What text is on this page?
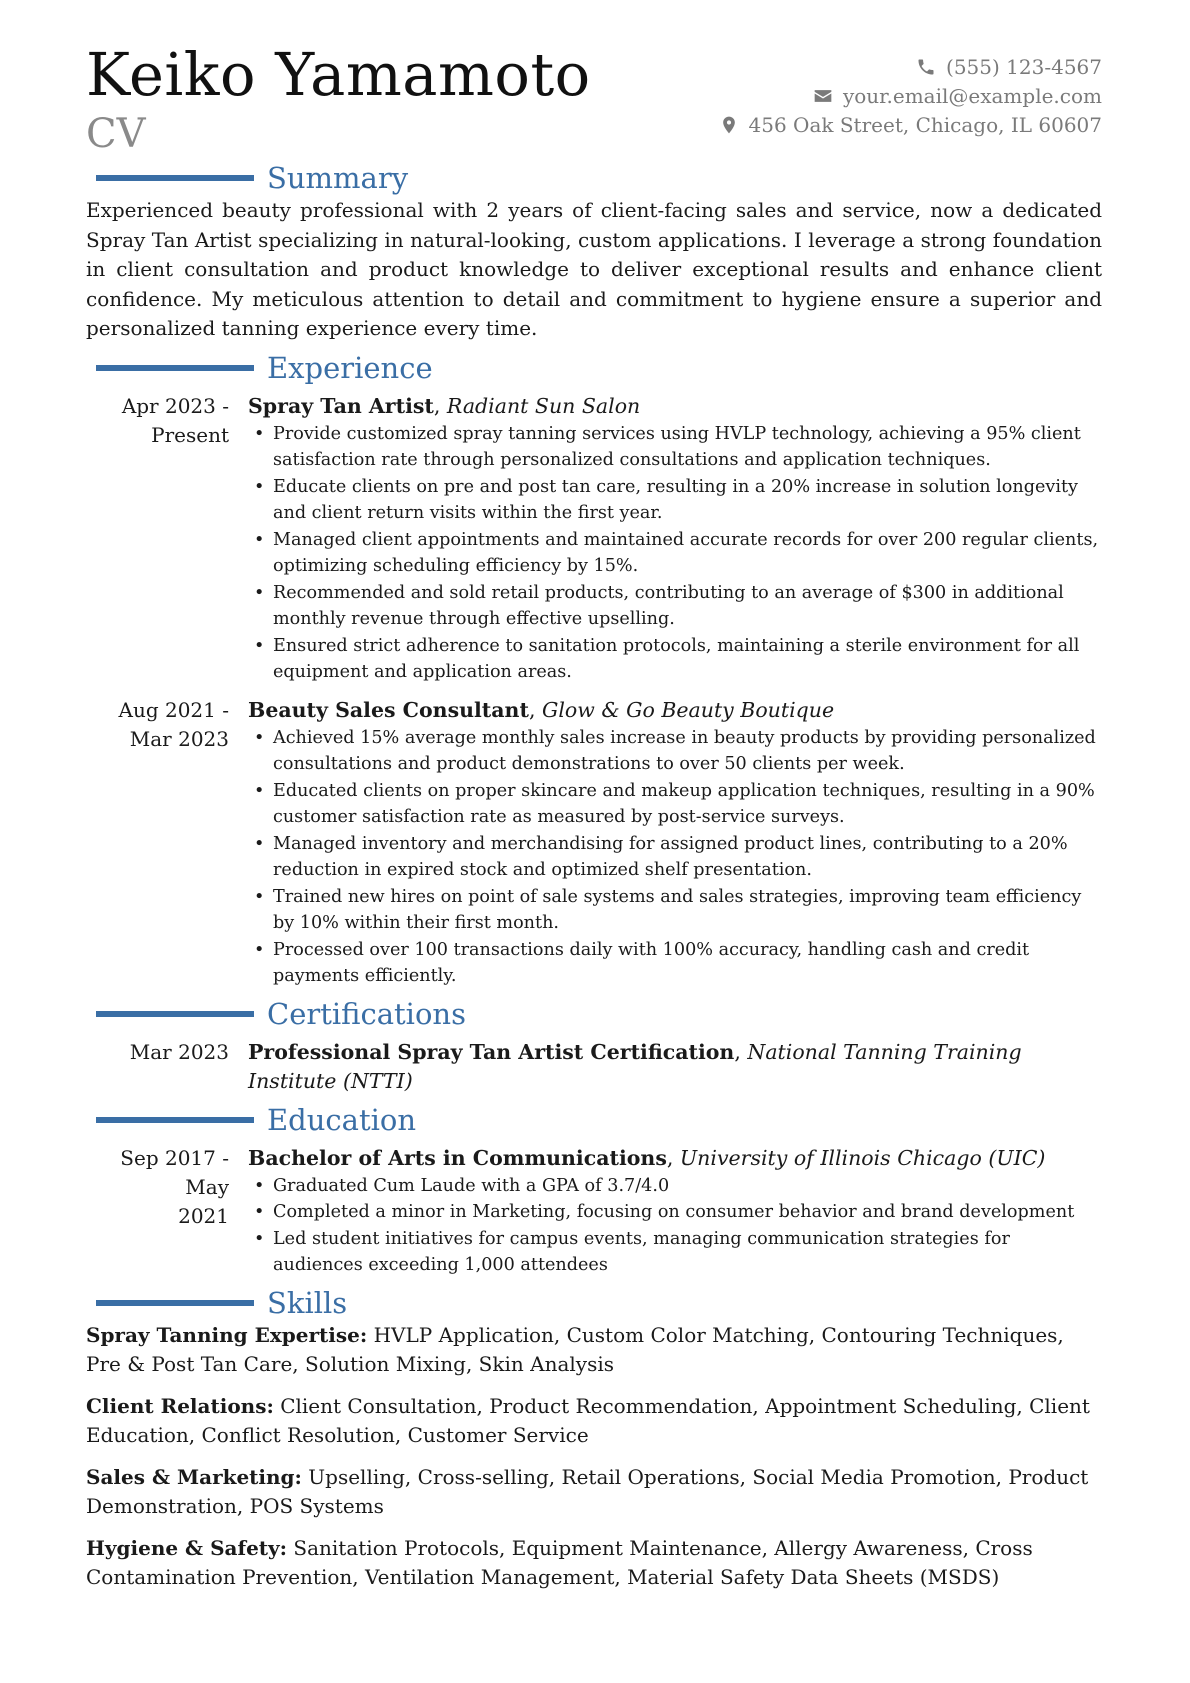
Keiko Yamamoto
CV
(555) 123-4567
your.email@example.com
456 Oak Street, Chicago, IL 60607
Summary

Experienced beauty professional with 2 years of client-facing sales and service, now a dedicated Spray Tan Artist specializing in natural-looking, custom applications. I leverage a strong foundation in client consultation and product knowledge to deliver exceptional results and enhance client confidence. My meticulous attention to detail and commitment to hygiene ensure a superior and personalized tanning experience every time.

Experience
Apr 2023 -
Present
Spray Tan Artist, Radiant Sun Salon
• Provide customized spray tanning services using HVLP technology, achieving a 95% client satisfaction rate through personalized consultations and application techniques.
• Educate clients on pre and post tan care, resulting in a 20% increase in solution longevity and client return visits within the first year.
• Managed client appointments and maintained accurate records for over 200 regular clients, optimizing scheduling efficiency by 15%.
• Recommended and sold retail products, contributing to an average of $300 in additional monthly revenue through effective upselling.
• Ensured strict adherence to sanitation protocols, maintaining a sterile environment for all equipment and application areas.
Aug 2021 -
Mar 2023
Beauty Sales Consultant, Glow & Go Beauty Boutique
• Achieved 15% average monthly sales increase in beauty products by providing personalized consultations and product demonstrations to over 50 clients per week.
• Educated clients on proper skincare and makeup application techniques, resulting in a 90% customer satisfaction rate as measured by post-service surveys.
• Managed inventory and merchandising for assigned product lines, contributing to a 20% reduction in expired stock and optimized shelf presentation.
• Trained new hires on point of sale systems and sales strategies, improving team efficiency by 10% within their first month.
• Processed over 100 transactions daily with 100% accuracy, handling cash and credit payments efficiently.
Certifications
Mar 2023 Professional Spray Tan Artist Certification, National Tanning Training Institute (NTTI)
Education
Sep 2017 - May
2021
Bachelor of Arts in Communications, University of Illinois Chicago (UIC)
• Graduated Cum Laude with a GPA of 3.7/4.0
• Completed a minor in Marketing, focusing on consumer behavior and brand development
• Led student initiatives for campus events, managing communication strategies for audiences exceeding 1,000 attendees
Skills

Spray Tanning Expertise: HVLP Application, Custom Color Matching, Contouring Techniques, Pre & Post Tan Care, Solution Mixing, Skin Analysis

Client Relations: Client Consultation, Product Recommendation, Appointment Scheduling, Client Education, Conflict Resolution, Customer Service

Sales & Marketing: Upselling, Cross-selling, Retail Operations, Social Media Promotion, Product Demonstration, POS Systems

Hygiene & Safety: Sanitation Protocols, Equipment Maintenance, Allergy Awareness, Cross Contamination Prevention, Ventilation Management, Material Safety Data Sheets (MSDS)
